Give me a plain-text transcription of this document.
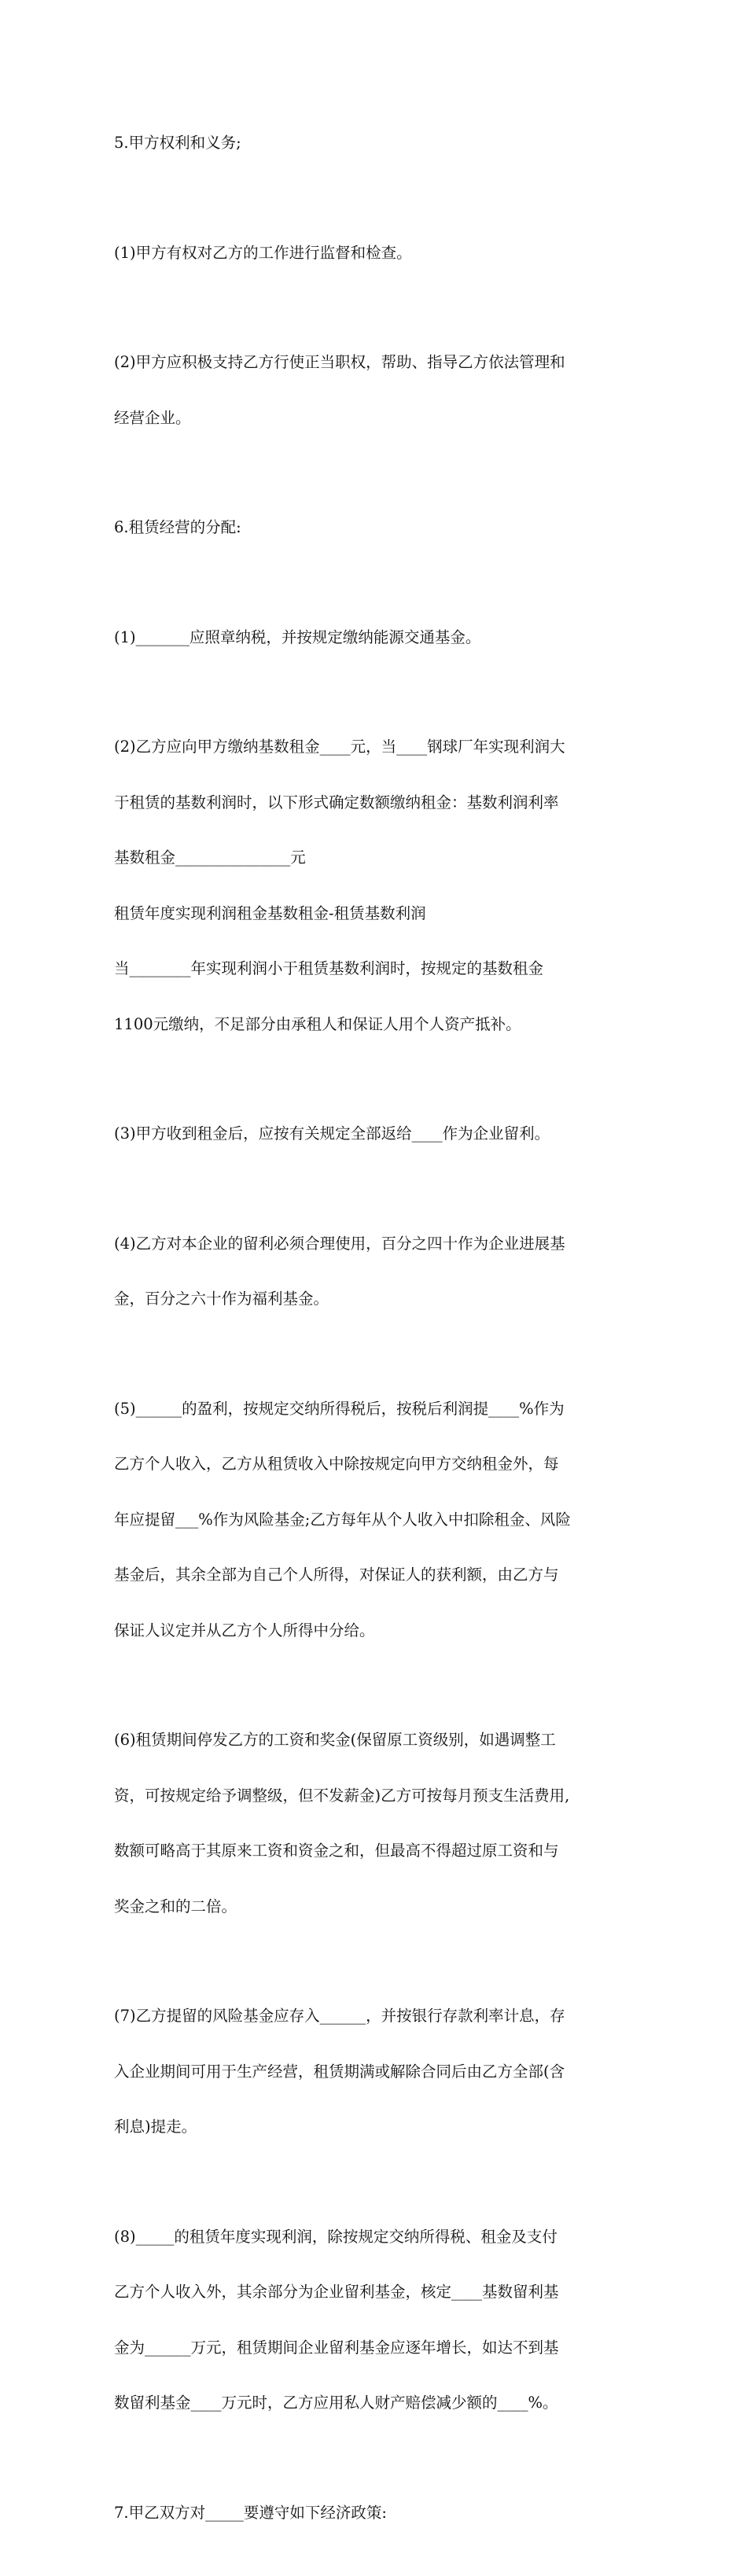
5.甲方权利和义务;

(1)甲方有权对乙方的工作进行监督和检查。

(2)甲方应积极支持乙方行使正当职权，帮助、指导乙方依法管理和

经营企业。

6.租赁经营的分配:

(1)_______应照章纳税，并按规定缴纳能源交通基金。

(2)乙方应向甲方缴纳基数租金____元，当____钢球厂年实现利润大

于租赁的基数利润时，以下形式确定数额缴纳租金：基数利润利率

基数租金_______________元

租赁年度实现利润租金基数租金-租赁基数利润

当________年实现利润小于租赁基数利润时，按规定的基数租金

1100元缴纳，不足部分由承租人和保证人用个人资产抵补。

(3)甲方收到租金后，应按有关规定全部返给____作为企业留利。

(4)乙方对本企业的留利必须合理使用，百分之四十作为企业进展基

金，百分之六十作为福利基金。

(5)______的盈利，按规定交纳所得税后，按税后利润提____%作为

乙方个人收入，乙方从租赁收入中除按规定向甲方交纳租金外，每

年应提留___%作为风险基金;乙方每年从个人收入中扣除租金、风险

基金后，其余全部为自己个人所得，对保证人的获利额，由乙方与

保证人议定并从乙方个人所得中分给。

(6)租赁期间停发乙方的工资和奖金(保留原工资级别，如遇调整工

资，可按规定给予调整级，但不发薪金)乙方可按每月预支生活费用,

数额可略高于其原来工资和资金之和，但最高不得超过原工资和与

奖金之和的二倍。

(7)乙方提留的风险基金应存入______，并按银行存款利率计息，存

入企业期间可用于生产经营，租赁期满或解除合同后由乙方全部(含

利息)提走。

(8)_____的租赁年度实现利润，除按规定交纳所得税、租金及支付

乙方个人收入外，其余部分为企业留利基金，核定____基数留利基

金为______万元，租赁期间企业留利基金应逐年增长，如达不到基

数留利基金____万元时，乙方应用私人财产赔偿减少额的____%。

7.甲乙双方对_____要遵守如下经济政策:
